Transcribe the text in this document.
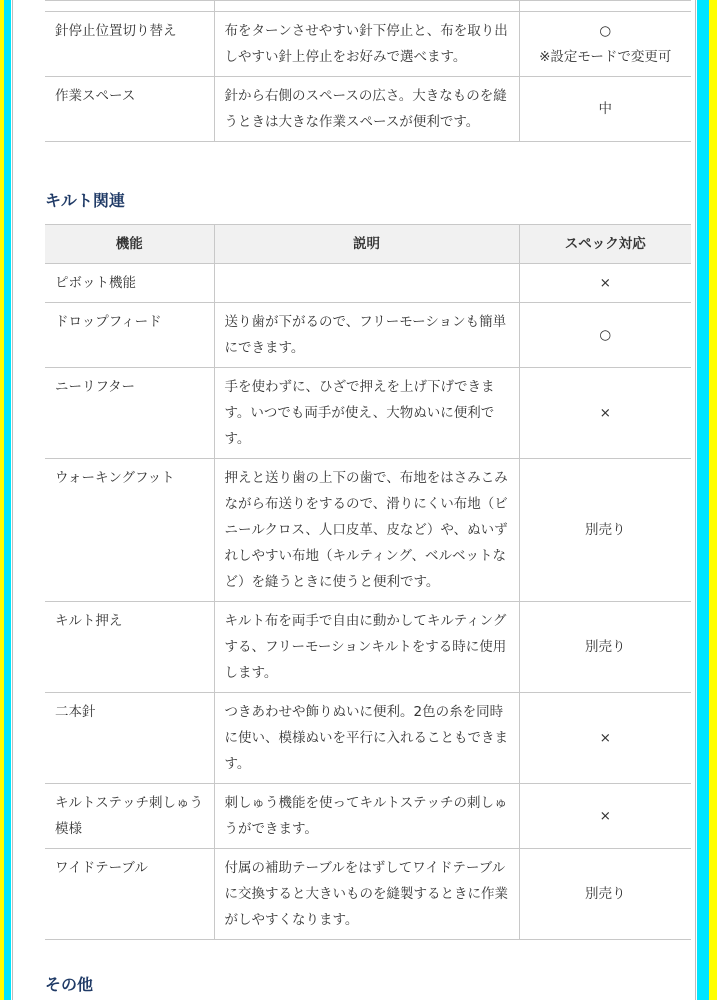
針停止位置切り替え	布をターンさせやすい針下停止と、布を取り出しやすい針上停止をお好みで選べます。	○
※設定モードで変更可

作業スペース	針から右側のスペースの広さ。大きなものを縫うときは大きな作業スペースが便利です。	中
キルト関連
機能	説明	スペック対応
ピボット機能		×
ドロップフィード	送り歯が下がるので、フリーモーションも簡単にできます。	○
ニーリフター	手を使わずに、ひざで押えを上げ下げできます。いつでも両手が使え、大物ぬいに便利です。	×
ウォーキングフット	押えと送り歯の上下の歯で、布地をはさみこみながら布送りをするので、滑りにくい布地（ビニールクロス、人口皮革、皮など）や、ぬいずれしやすい布地（キルティング、ベルベットなど）を縫うときに使うと便利です。	別売り
キルト押え	キルト布を両手で自由に動かしてキルティングする、フリーモーションキルトをする時に使用します。	別売り
二本針	つきあわせや飾りぬいに便利。2色の糸を同時に使い、模様ぬいを平行に入れることもできます。	×
キルトステッチ刺しゅう模様	刺しゅう機能を使ってキルトステッチの刺しゅうができます。	×
ワイドテーブル	付属の補助テーブルをはずしてワイドテーブルに交換すると大きいものを縫製するときに作業がしやすくなります。	別売り
その他
